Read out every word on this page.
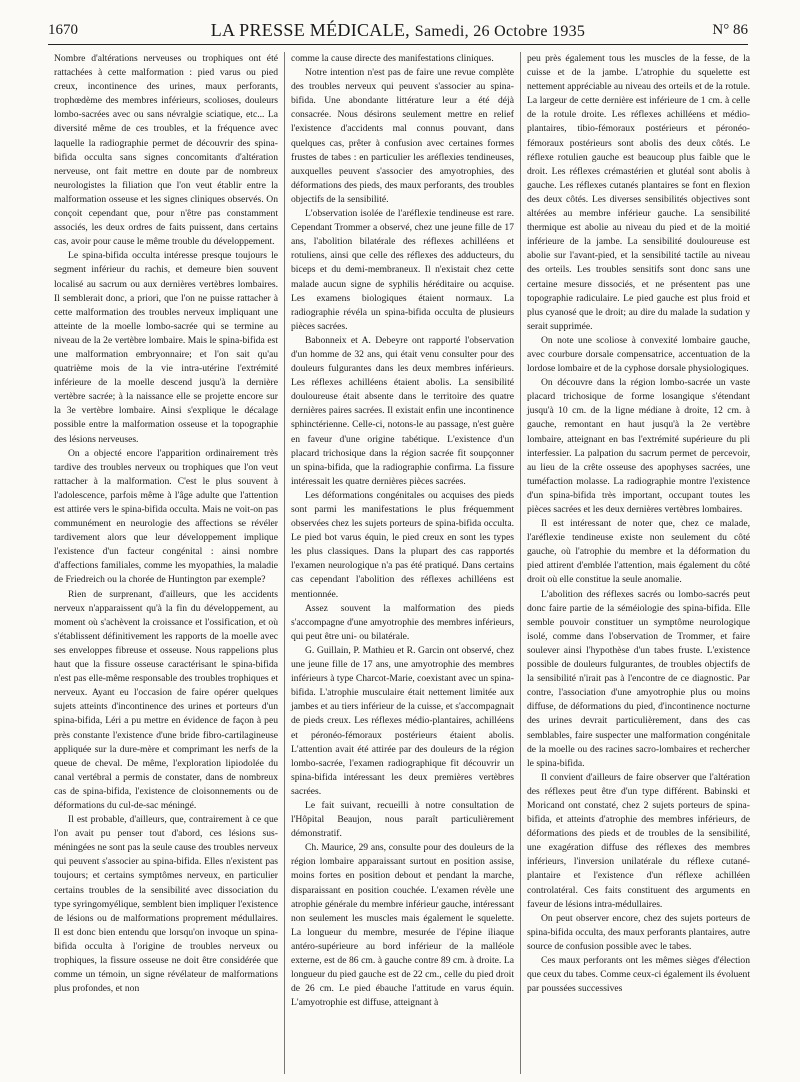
1670	LA PRESSE MÉDICALE, Samedi, 26 Octobre 1935	N° 86

Nombre d'altérations nerveuses ou trophiques ont été rattachées à cette malformation : pied varus ou pied creux, incontinence des urines, maux perforants, trophœdème des membres inférieurs, scolioses, douleurs lombo-sacrées avec ou sans névralgie sciatique, etc... La diversité même de ces troubles, et la fréquence avec laquelle la radiographie permet de découvrir des spina-bifida occulta sans signes concomitants d'altération nerveuse, ont fait mettre en doute par de nombreux neurologistes la filiation que l'on veut établir entre la malformation osseuse et les signes cliniques observés. On conçoit cependant que, pour n'être pas constamment associés, les deux ordres de faits puissent, dans certains cas, avoir pour cause le même trouble du développement.

Le spina-bifida occulta intéresse presque toujours le segment inférieur du rachis, et demeure bien souvent localisé au sacrum ou aux dernières vertèbres lombaires. Il semblerait donc, a priori, que l'on ne puisse rattacher à cette malformation des troubles nerveux impliquant une atteinte de la moelle lombo-sacrée qui se termine au niveau de la 2e vertèbre lombaire. Mais le spina-bifida est une malformation embryonnaire; et l'on sait qu'au quatrième mois de la vie intra-utérine l'extrémité inférieure de la moelle descend jusqu'à la dernière vertèbre sacrée; à la naissance elle se projette encore sur la 3e vertèbre lombaire. Ainsi s'explique le décalage possible entre la malformation osseuse et la topographie des lésions nerveuses.

On a objecté encore l'apparition ordinairement très tardive des troubles nerveux ou trophiques que l'on veut rattacher à la malformation. C'est le plus souvent à l'adolescence, parfois même à l'âge adulte que l'attention est attirée vers le spina-bifida occulta. Mais ne voit-on pas communément en neurologie des affections se révéler tardivement alors que leur développement implique l'existence d'un facteur congénital : ainsi nombre d'affections familiales, comme les myopathies, la maladie de Friedreich ou la chorée de Huntington par exemple?

Rien de surprenant, d'ailleurs, que les accidents nerveux n'apparaissent qu'à la fin du développement, au moment où s'achèvent la croissance et l'ossification, et où s'établissent définitivement les rapports de la moelle avec ses enveloppes fibreuse et osseuse. Nous rappelions plus haut que la fissure osseuse caractérisant le spina-bifida n'est pas elle-même responsable des troubles trophiques et nerveux. Ayant eu l'occasion de faire opérer quelques sujets atteints d'incontinence des urines et porteurs d'un spina-bifida, Léri a pu mettre en évidence de façon à peu près constante l'existence d'une bride fibro-cartilagineuse appliquée sur la dure-mère et comprimant les nerfs de la queue de cheval. De même, l'exploration lipiodolée du canal vertébral a permis de constater, dans de nombreux cas de spina-bifida, l'existence de cloisonnements ou de déformations du cul-de-sac méningé.

Il est probable, d'ailleurs, que, contrairement à ce que l'on avait pu penser tout d'abord, ces lésions sus-méningées ne sont pas la seule cause des troubles nerveux qui peuvent s'associer au spina-bifida. Elles n'existent pas toujours; et certains symptômes nerveux, en particulier certains troubles de la sensibilité avec dissociation du type syringomyélique, semblent bien impliquer l'existence de lésions ou de malformations proprement médullaires. Il est donc bien entendu que lorsqu'on invoque un spina-bifida occulta à l'origine de troubles nerveux ou trophiques, la fissure osseuse ne doit être considérée que comme un témoin, un signe révélateur de malformations plus profondes, et non

comme la cause directe des manifestations cliniques.

Notre intention n'est pas de faire une revue complète des troubles nerveux qui peuvent s'associer au spina-bifida. Une abondante littérature leur a été déjà consacrée. Nous désirons seulement mettre en relief l'existence d'accidents mal connus pouvant, dans quelques cas, prêter à confusion avec certaines formes frustes de tabes : en particulier les aréflexies tendineuses, auxquelles peuvent s'associer des amyotrophies, des déformations des pieds, des maux perforants, des troubles objectifs de la sensibilité.

L'observation isolée de l'aréflexie tendineuse est rare. Cependant Trommer a observé, chez une jeune fille de 17 ans, l'abolition bilatérale des réflexes achilléens et rotuliens, ainsi que celle des réflexes des adducteurs, du biceps et du demi-membraneux. Il n'existait chez cette malade aucun signe de syphilis héréditaire ou acquise. Les examens biologiques étaient normaux. La radiographie révéla un spina-bifida occulta de plusieurs pièces sacrées.

Babonneix et A. Debeyre ont rapporté l'observation d'un homme de 32 ans, qui était venu consulter pour des douleurs fulgurantes dans les deux membres inférieurs. Les réflexes achilléens étaient abolis. La sensibilité douloureuse était absente dans le territoire des quatre dernières paires sacrées. Il existait enfin une incontinence sphinctérienne. Celle-ci, notons-le au passage, n'est guère en faveur d'une origine tabétique. L'existence d'un placard trichosique dans la région sacrée fit soupçonner un spina-bifida, que la radiographie confirma. La fissure intéressait les quatre dernières pièces sacrées.

Les déformations congénitales ou acquises des pieds sont parmi les manifestations le plus fréquemment observées chez les sujets porteurs de spina-bifida occulta. Le pied bot varus équin, le pied creux en sont les types les plus classiques. Dans la plupart des cas rapportés l'examen neurologique n'a pas été pratiqué. Dans certains cas cependant l'abolition des réflexes achilléens est mentionnée.

Assez souvent la malformation des pieds s'accompagne d'une amyotrophie des membres inférieurs, qui peut être uni- ou bilatérale.

G. Guillain, P. Mathieu et R. Garcin ont observé, chez une jeune fille de 17 ans, une amyotrophie des membres inférieurs à type Charcot-Marie, coexistant avec un spina-bifida. L'atrophie musculaire était nettement limitée aux jambes et au tiers inférieur de la cuisse, et s'accompagnait de pieds creux. Les réflexes médio-plantaires, achilléens et péronéo-fémoraux postérieurs étaient abolis. L'attention avait été attirée par des douleurs de la région lombo-sacrée, l'examen radiographique fit découvrir un spina-bifida intéressant les deux premières vertèbres sacrées.

Le fait suivant, recueilli à notre consultation de l'Hôpital Beaujon, nous paraît particulièrement démonstratif.

Ch. Maurice, 29 ans, consulte pour des douleurs de la région lombaire apparaissant surtout en position assise, moins fortes en position debout et pendant la marche, disparaissant en position couchée. L'examen révèle une atrophie générale du membre inférieur gauche, intéressant non seulement les muscles mais également le squelette. La longueur du membre, mesurée de l'épine iliaque antéro-supérieure au bord inférieur de la malléole externe, est de 86 cm. à gauche contre 89 cm. à droite. La longueur du pied gauche est de 22 cm., celle du pied droit de 26 cm. Le pied ébauche l'attitude en varus équin. L'amyotrophie est diffuse, atteignant à

peu près également tous les muscles de la fesse, de la cuisse et de la jambe. L'atrophie du squelette est nettement appréciable au niveau des orteils et de la rotule. La largeur de cette dernière est inférieure de 1 cm. à celle de la rotule droite. Les réflexes achilléens et médio-plantaires, tibio-fémoraux postérieurs et péronéo-fémoraux postérieurs sont abolis des deux côtés. Le réflexe rotulien gauche est beaucoup plus faible que le droit. Les réflexes crémastérien et glutéal sont abolis à gauche. Les réflexes cutanés plantaires se font en flexion des deux côtés. Les diverses sensibilités objectives sont altérées au membre inférieur gauche. La sensibilité thermique est abolie au niveau du pied et de la moitié inférieure de la jambe. La sensibilité douloureuse est abolie sur l'avant-pied, et la sensibilité tactile au niveau des orteils. Les troubles sensitifs sont donc sans une certaine mesure dissociés, et ne présentent pas une topographie radiculaire. Le pied gauche est plus froid et plus cyanosé que le droit; au dire du malade la sudation y serait supprimée.

On note une scoliose à convexité lombaire gauche, avec courbure dorsale compensatrice, accentuation de la lordose lombaire et de la cyphose dorsale physiologiques.

On découvre dans la région lombo-sacrée un vaste placard trichosique de forme losangique s'étendant jusqu'à 10 cm. de la ligne médiane à droite, 12 cm. à gauche, remontant en haut jusqu'à la 2e vertèbre lombaire, atteignant en bas l'extrémité supérieure du pli interfessier. La palpation du sacrum permet de percevoir, au lieu de la crête osseuse des apophyses sacrées, une tuméfaction molasse. La radiographie montre l'existence d'un spina-bifida très important, occupant toutes les pièces sacrées et les deux dernières vertèbres lombaires.

Il est intéressant de noter que, chez ce malade, l'aréflexie tendineuse existe non seulement du côté gauche, où l'atrophie du membre et la déformation du pied attirent d'emblée l'attention, mais également du côté droit où elle constitue la seule anomalie.

L'abolition des réflexes sacrés ou lombo-sacrés peut donc faire partie de la séméiologie des spina-bifida. Elle semble pouvoir constituer un symptôme neurologique isolé, comme dans l'observation de Trommer, et faire soulever ainsi l'hypothèse d'un tabes fruste. L'existence possible de douleurs fulgurantes, de troubles objectifs de la sensibilité n'irait pas à l'encontre de ce diagnostic. Par contre, l'association d'une amyotrophie plus ou moins diffuse, de déformations du pied, d'incontinence nocturne des urines devrait particulièrement, dans des cas semblables, faire suspecter une malformation congénitale de la moelle ou des racines sacro-lombaires et rechercher le spina-bifida.

Il convient d'ailleurs de faire observer que l'altération des réflexes peut être d'un type différent. Babinski et Moricand ont constaté, chez 2 sujets porteurs de spina-bifida, et atteints d'atrophie des membres inférieurs, de déformations des pieds et de troubles de la sensibilité, une exagération diffuse des réflexes des membres inférieurs, l'inversion unilatérale du réflexe cutané-plantaire et l'existence d'un réflexe achilléen controlatéral. Ces faits constituent des arguments en faveur de lésions intra-médullaires.

On peut observer encore, chez des sujets porteurs de spina-bifida occulta, des maux perforants plantaires, autre source de confusion possible avec le tabes.

Ces maux perforants ont les mêmes sièges d'élection que ceux du tabes. Comme ceux-ci également ils évoluent par poussées successives
